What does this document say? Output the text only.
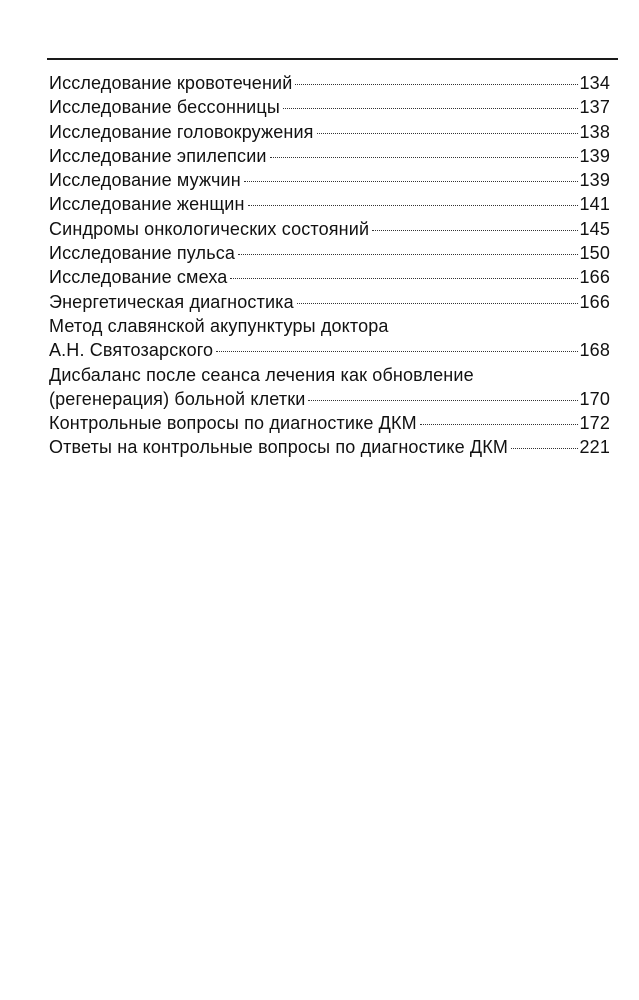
Исследование кровотечений	134
Исследование бессонницы	137
Исследование головокружения	138
Исследование эпилепсии	139
Исследование мужчин	139
Исследование женщин	141
Синдромы онкологических состояний	145
Исследование пульса	150
Исследование смеха	166
Энергетическая диагностика	166
Метод славянской акупунктуры доктора
А.Н. Святозарского	168
Дисбаланс после сеанса лечения как обновление
(регенерация) больной клетки	170
Контрольные вопросы по диагностике ДКМ	172
Ответы на контрольные вопросы по диагностике ДКМ	221
